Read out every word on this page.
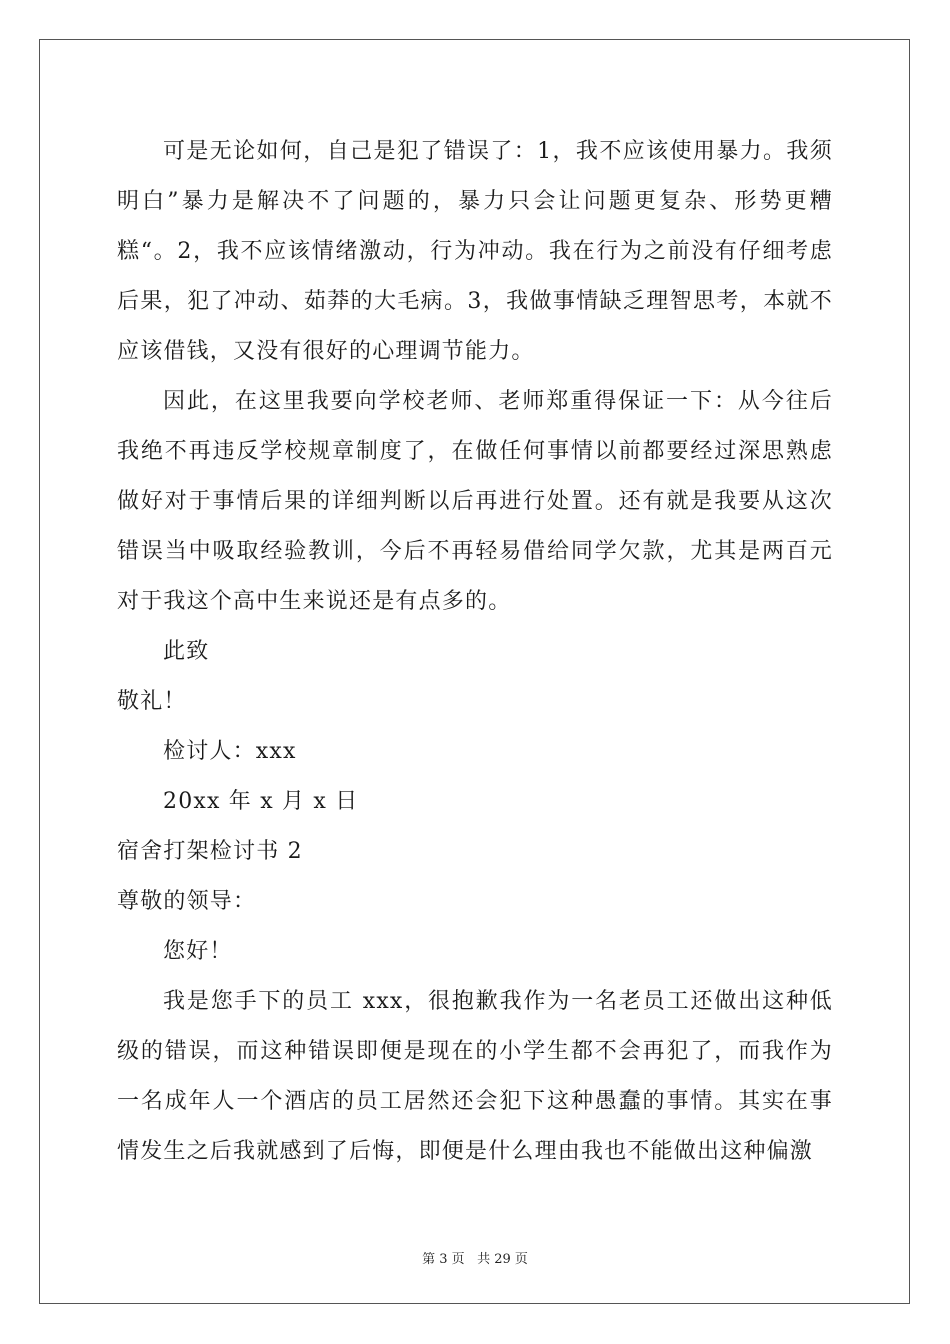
可是无论如何，自己是犯了错误了：1，我不应该使用暴力。我须明白”暴力是解决不了问题的，暴力只会让问题更复杂、形势更糟糕“。2，我不应该情绪激动，行为冲动。我在行为之前没有仔细考虑后果，犯了冲动、茹莽的大毛病。3，我做事情缺乏理智思考，本就不应该借钱，又没有很好的心理调节能力。

因此，在这里我要向学校老师、老师郑重得保证一下：从今往后我绝不再违反学校规章制度了，在做任何事情以前都要经过深思熟虑做好对于事情后果的详细判断以后再进行处置。还有就是我要从这次错误当中吸取经验教训，今后不再轻易借给同学欠款，尤其是两百元对于我这个高中生来说还是有点多的。

此致

敬礼！

检讨人：xxx

20xx 年 x 月 x 日

宿舍打架检讨书 2

尊敬的领导：

您好！

我是您手下的员工 xxx，很抱歉我作为一名老员工还做出这种低级的错误，而这种错误即便是现在的小学生都不会再犯了，而我作为一名成年人一个酒店的员工居然还会犯下这种愚蠢的事情。其实在事情发生之后我就感到了后悔，即便是什么理由我也不能做出这种偏激

第 3 页 共 29 页
